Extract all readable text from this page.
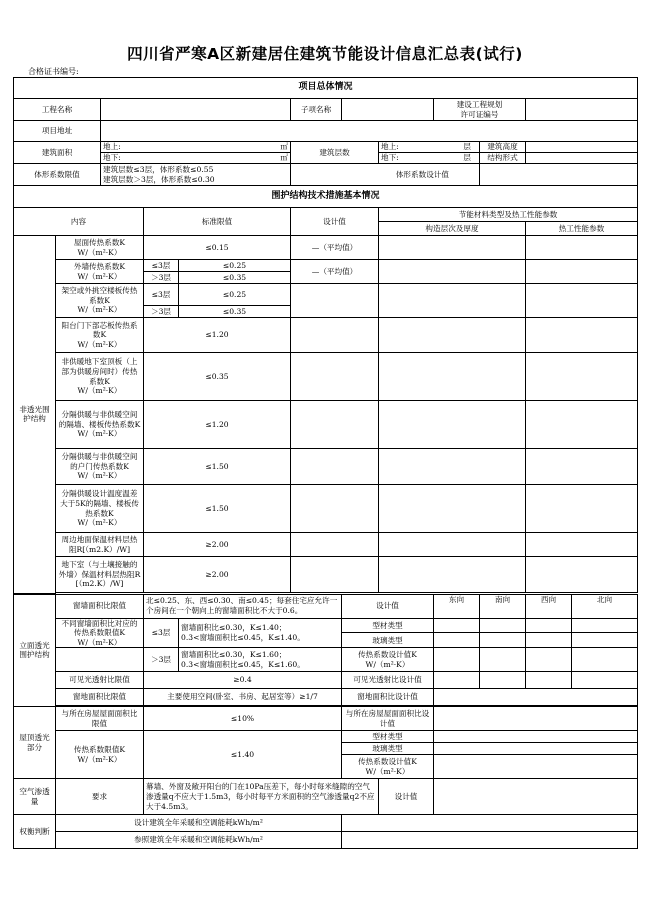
四川省严寒A区新建居住建筑节能设计信息汇总表(试行)
合格证书编号:
项目总体情况											
工程名称					子项名称			建设工程规划
许可证编号			
项目地址											
建筑面积		地上: ㎡			建筑层数		地上: 层		建筑高度		
		地下: ㎡					地下: 层		结构形式		
体形系数限值		建筑层数≤3层，体形系数≤0.55
建筑层数＞3层，体形系数≤0.30			体形系数设计值						
围护结构技术措施基本情况											
内容			标准限值		设计值		节能材料类型及热工性能参数				
							构造层次及厚度			热工性能参数	
非透光围护结构	屋面传热系数K
W/（m²·K）		≤0.15		—（平均值）						
	外墙传热系数K
W/（m²·K）		≤3层	≤0.25	—（平均值）						
			＞3层	≤0.35							
	架空或外挑空楼板传热系数K
W/（m²·K）		≤3层	≤0.25							
			＞3层	≤0.35							
	阳台门下部芯板传热系数K
W/（m²·K）		≤1.20								
	非供暖地下室顶板（上部为供暖房间时）传热系数K
W/（m²·K）		≤0.35								
	分隔供暖与非供暖空间的隔墙、楼板传热系数K
W/（m²·K）		≤1.20								
	分隔供暖与非供暖空间的户门传热系数K
W/（m²·K）		≤1.50								
	分隔供暖设计温度温差大于5K的隔墙、楼板传热系数K
W/（m²·K）		≤1.50								
	周边地面保温材料层热阻R[（m2.K）/W]		≥2.00								
	地下室（与土壤接触的外墙）保温材料层热阻R[（m2.K）/W]		≥2.00								

立面透光围护结构	窗墙面积比限值		北≤0.25、东、西≤0.30、南≤0.45；每套住宅应允许一个房间在一个朝向上的窗墙面积比不大于0.6。			设计值		东向	南向	西向	北向
	不同窗墙面积比对应的传热系数限值K
W/（m²·K）		≤3层	窗墙面积比≤0.30，K≤1.40；
0.3<窗墙面积比≤0.45，K≤1.40。		型材类型					
						玻璃类型					
			＞3层	窗墙面积比≤0.30，K≤1.60；
0.3<窗墙面积比≤0.45，K≤1.60。		传热系数设计值K
W/（m²·K）					
	可见光透射比限值		≥0.4			可见光透射比设计值					
	窗地面积比限值		主要使用空间(卧室、书房、起居室等）≥1/7			窗地面积比设计值					

屋顶透光部分	与所在房屋屋面面积比限值		≤10%			与所在房屋屋面面积比设计值					
	传热系数限值K
W/（m²·K）		≤1.40			型材类型					
						玻璃类型					
						传热系数设计值K
W/（m²·K）					
空气渗透量	要求		幕墙、外窗及敞开阳台的门在10Pa压差下，每小时每米缝隙的空气渗透量q不应大于1.5m3，每小时每平方米面积的空气渗透量q2不应大于4.5m3。				设计值				
权衡判断	设计建筑全年采暖和空调能耗kWh/m²										
	参照建筑全年采暖和空调能耗kWh/m²										
